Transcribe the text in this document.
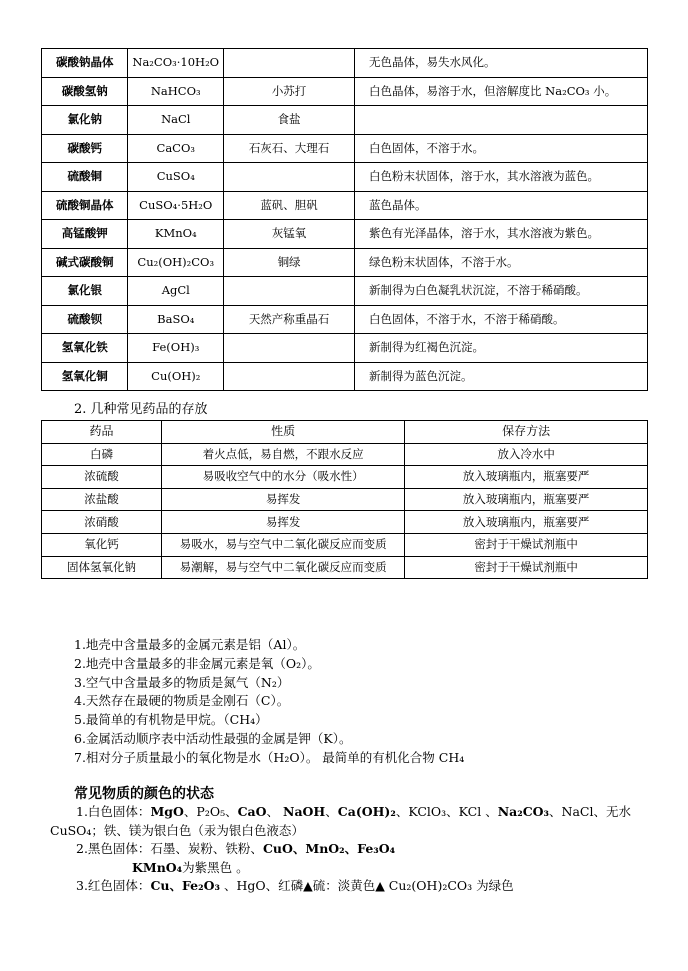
碳酸钠晶体	Na₂CO₃·10H₂O		无色晶体，易失水风化。
碳酸氢钠	NaHCO₃	小苏打	白色晶体，易溶于水，但溶解度比 Na₂CO₃ 小。
氯化钠	NaCl	食盐	
碳酸钙	CaCO₃	石灰石、大理石	白色固体，不溶于水。
硫酸铜	CuSO₄		白色粉末状固体，溶于水，其水溶液为蓝色。
硫酸铜晶体	CuSO₄·5H₂O	蓝矾、胆矾	蓝色晶体。
高锰酸钾	KMnO₄	灰锰氧	紫色有光泽晶体，溶于水，其水溶液为紫色。
碱式碳酸铜	Cu₂(OH)₂CO₃	铜绿	绿色粉末状固体，不溶于水。
氯化银	AgCl		新制得为白色凝乳状沉淀，不溶于稀硝酸。
硫酸钡	BaSO₄	天然产称重晶石	白色固体，不溶于水，不溶于稀硝酸。
氢氧化铁	Fe(OH)₃		新制得为红褐色沉淀。
氢氧化铜	Cu(OH)₂		新制得为蓝色沉淀。
2. 几种常见药品的存放
药品	性质	保存方法
白磷	着火点低，易自燃，不跟水反应	放入冷水中
浓硫酸	易吸收空气中的水分（吸水性）	放入玻璃瓶内，瓶塞要严
浓盐酸	易挥发	放入玻璃瓶内，瓶塞要严
浓硝酸	易挥发	放入玻璃瓶内，瓶塞要严
氧化钙	易吸水，易与空气中二氧化碳反应而变质	密封于干燥试剂瓶中
固体氢氧化钠	易潮解，易与空气中二氧化碳反应而变质	密封于干燥试剂瓶中
1.地壳中含量最多的金属元素是铝（Al）。
2.地壳中含量最多的非金属元素是氧（O₂）。
3.空气中含量最多的物质是氮气（N₂）
4.天然存在最硬的物质是金刚石（C）。
5.最简单的有机物是甲烷。（CH₄）
6.金属活动顺序表中活动性最强的金属是钾（K）。
7.相对分子质量最小的氧化物是水（H₂O）。 最简单的有机化合物 CH₄
常见物质的颜色的状态
1.白色固体：MgO、P₂O₅、CaO、 NaOH、Ca(OH)₂、KClO₃、KCl 、Na₂CO₃、NaCl、无水
CuSO₄；铁、镁为银白色（汞为银白色液态）
2.黑色固体：石墨、炭粉、铁粉、CuO、MnO₂、Fe₃O₄
KMnO₄为紫黑色 。
3.红色固体：Cu、Fe₂O₃ 、HgO、红磷▲硫：淡黄色▲ Cu₂(OH)₂CO₃ 为绿色
